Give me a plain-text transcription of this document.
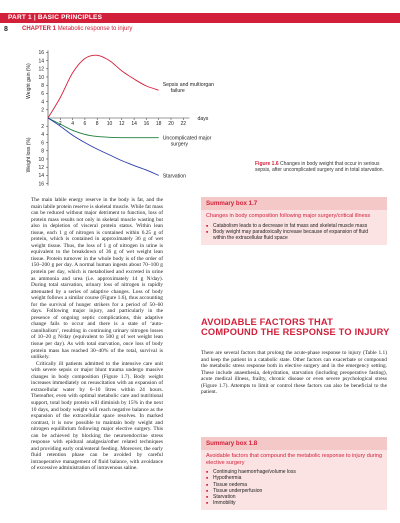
PART 1 | BASIC PRINCIPLES
8 CHAPTER 1 Metabolic response to injury
16
14
12
10
8
6
4
2
2
4
6
8
10
12
14
16
2 4 6 8 10 12 14 16 18 20 22
days
Weight gain (%)
Weight loss (%)
Sepsis and multiorgan
failure
Uncomplicated major
surgery
Starvation
Figure 1.6 Changes in body weight that occur in serious sepsis, after uncomplicated surgery and in total starvation.

The main labile energy reserve in the body is fat, and the main labile protein reserve is skeletal muscle. While fat mass can be reduced without major detriment to function, loss of protein mass results not only in skeletal muscle wasting but also in depletion of visceral protein status. Within lean tissue, each 1 g of nitrogen is contained within 6.25 g of protein, which is contained in approximately 36 g of wet weight tissue. Thus, the loss of 1 g of nitrogen in urine is equivalent to the breakdown of 36 g of wet weight lean tissue. Protein turnover in the whole body is of the order of 150–200 g per day. A normal human ingests about 70–100 g protein per day, which is metabolised and excreted in urine as ammonia and urea (i.e. approximately 14 g N/day). During total starvation, urinary loss of nitrogen is rapidly attenuated by a series of adaptive changes. Loss of body weight follows a similar course (Figure 1.6), thus accounting for the survival of hunger strikers for a period of 50–60 days. Following major injury, and particularly in the presence of ongoing septic complications, this adaptive change fails to occur and there is a state of ‘auto-cannibalism’, resulting in continuing urinary nitrogen losses of 10–20 g N/day (equivalent to 500 g of wet weight lean tissue per day). As with total starvation, once loss of body protein mass has reached 30–40% of the total, survival is unlikely.

Critically ill patients admitted to the intensive care unit with severe sepsis or major blunt trauma undergo massive changes in body composition (Figure 1.7). Body weight increases immediately on resuscitation with an expansion of extracellular water by 6–10 litres within 24 hours. Thereafter, even with optimal metabolic care and nutritional support, total body protein will diminish by 15% in the next 10 days, and body weight will reach negative balance as the expansion of the extracellular space resolves. In marked contrast, it is now possible to maintain body weight and nitrogen equilibrium following major elective surgery. This can be achieved by blocking the neuroendocrine stress response with epidural analgesia/other related techniques and providing early oral/enteral feeding. Moreover, the early fluid retention phase can be avoided by careful intraoperative management of fluid balance, with avoidance of excessive administration of intravenous saline.

Summary box 1.7
Changes in body composition following major surgery/critical illness
■ Catabolism leads to a decrease in fat mass and skeletal muscle mass
■ Body weight may paradoxically increase because of expansion of fluid within the extracellular fluid space
AVOIDABLE FACTORS THAT COMPOUND THE RESPONSE TO INJURY
There are several factors that prolong the acute-phase response to injury (Table 1.1) and keep the patient in a catabolic state. Other factors can exacerbate or compound the metabolic stress response both in elective surgery and in the emergency setting. These include anaesthesia, dehydration, starvation (including preoperative fasting), acute medical illness, frailty, chronic disease or even severe psychological stress (Figure 1.7). Attempts to limit or control these factors can also be beneficial to the patient.
Summary box 1.8
Avoidable factors that compound the metabolic response to injury during elective surgery
■ Continuing haemorrhage/volume loss
■ Hypothermia
■ Tissue oedema
■ Tissue underperfusion
■ Starvation
■ Immobility
